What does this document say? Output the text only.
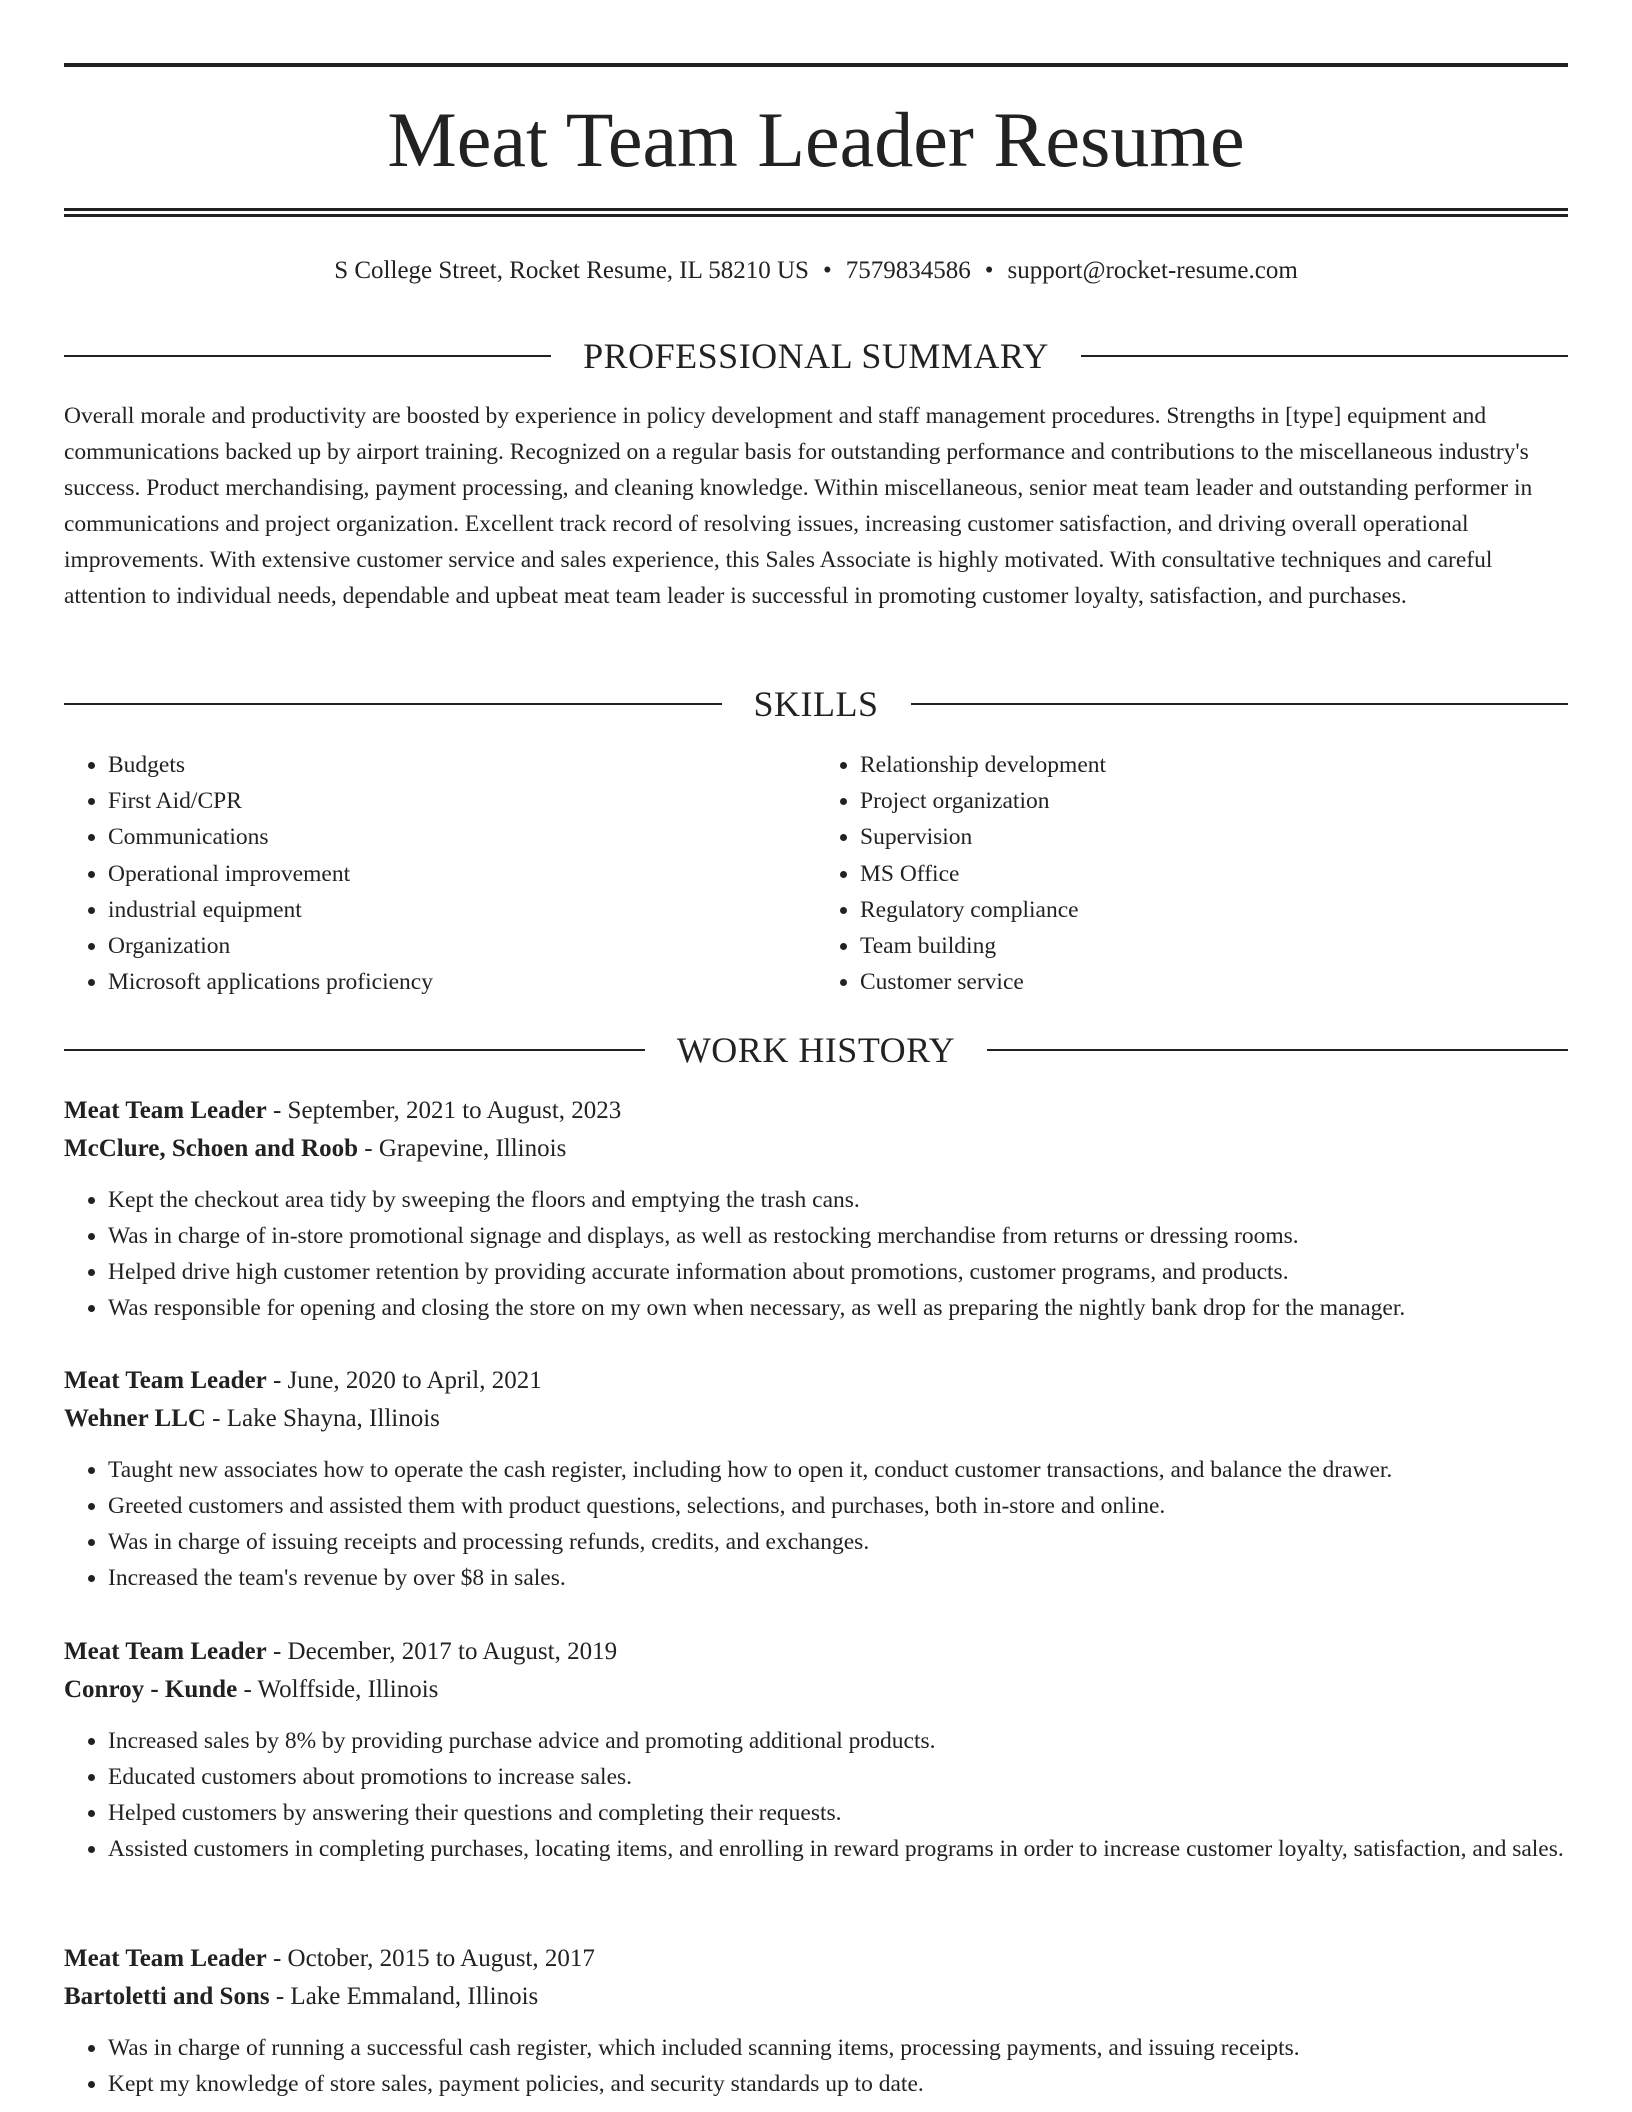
Meat Team Leader Resume
S College Street, Rocket Resume, IL 58210 US • 7579834586 • support@rocket-resume.com
PROFESSIONAL SUMMARY

Overall morale and productivity are boosted by experience in policy development and staff management procedures. Strengths in [type] equipment and communications backed up by airport training. Recognized on a regular basis for outstanding performance and contributions to the miscellaneous industry's success. Product merchandising, payment processing, and cleaning knowledge. Within miscellaneous, senior meat team leader and outstanding performer in communications and project organization. Excellent track record of resolving issues, increasing customer satisfaction, and driving overall operational improvements. With extensive customer service and sales experience, this Sales Associate is highly motivated. With consultative techniques and careful attention to individual needs, dependable and upbeat meat team leader is successful in promoting customer loyalty, satisfaction, and purchases.

SKILLS
• Budgets
• First Aid/CPR
• Communications
• Operational improvement
• industrial equipment
• Organization
• Microsoft applications proficiency
• Relationship development
• Project organization
• Supervision
• MS Office
• Regulatory compliance
• Team building
• Customer service
WORK HISTORY

Meat Team Leader - September, 2021 to August, 2023

McClure, Schoen and Roob - Grapevine, Illinois

• Kept the checkout area tidy by sweeping the floors and emptying the trash cans.
• Was in charge of in-store promotional signage and displays, as well as restocking merchandise from returns or dressing rooms.
• Helped drive high customer retention by providing accurate information about promotions, customer programs, and products.
• Was responsible for opening and closing the store on my own when necessary, as well as preparing the nightly bank drop for the manager.

Meat Team Leader - June, 2020 to April, 2021

Wehner LLC - Lake Shayna, Illinois

• Taught new associates how to operate the cash register, including how to open it, conduct customer transactions, and balance the drawer.
• Greeted customers and assisted them with product questions, selections, and purchases, both in-store and online.
• Was in charge of issuing receipts and processing refunds, credits, and exchanges.
• Increased the team's revenue by over $8 in sales.

Meat Team Leader - December, 2017 to August, 2019

Conroy - Kunde - Wolffside, Illinois

• Increased sales by 8% by providing purchase advice and promoting additional products.
• Educated customers about promotions to increase sales.
• Helped customers by answering their questions and completing their requests.
• Assisted customers in completing purchases, locating items, and enrolling in reward programs in order to increase customer loyalty, satisfaction, and sales.

Meat Team Leader - October, 2015 to August, 2017

Bartoletti and Sons - Lake Emmaland, Illinois

• Was in charge of running a successful cash register, which included scanning items, processing payments, and issuing receipts.
• Kept my knowledge of store sales, payment policies, and security standards up to date.
